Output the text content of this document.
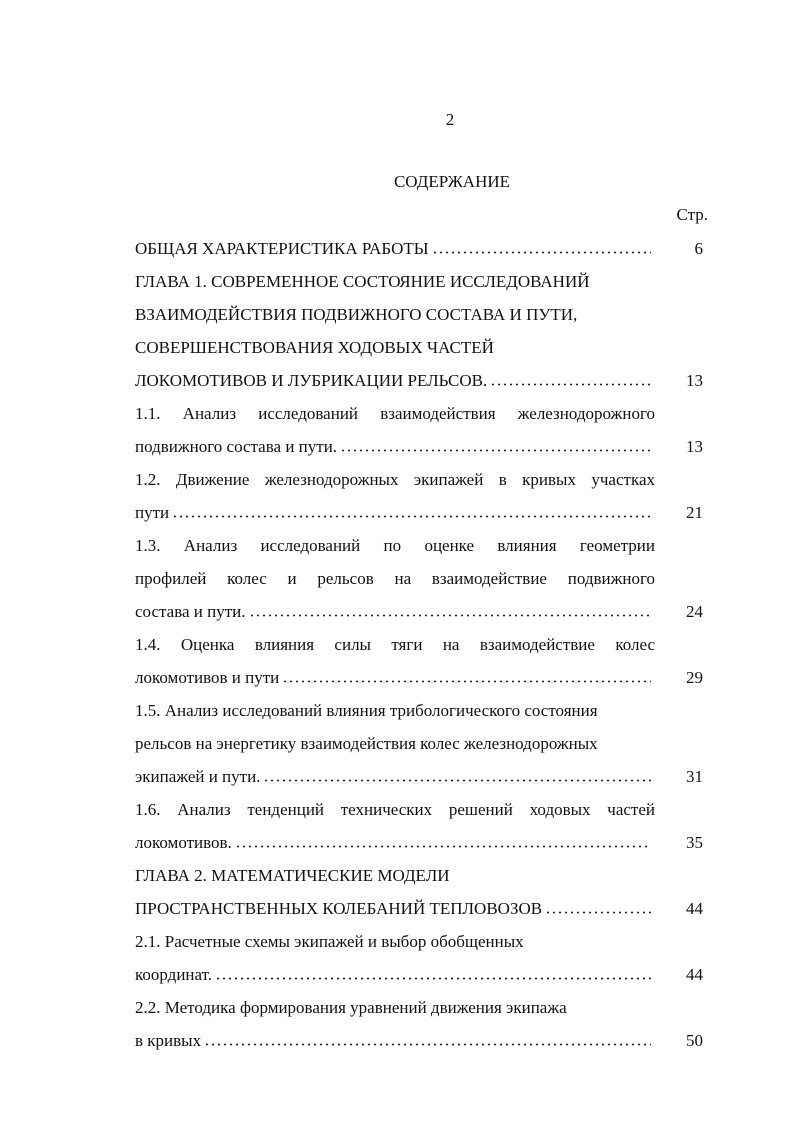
2
СОДЕРЖАНИЕ
Стр.
ОБЩАЯ ХАРАКТЕРИСТИКА РАБОТЫ	6
ГЛАВА 1. СОВРЕМЕННОЕ СОСТОЯНИЕ ИССЛЕДОВАНИЙ
ВЗАИМОДЕЙСТВИЯ ПОДВИЖНОГО СОСТАВА И ПУТИ,
СОВЕРШЕНСТВОВАНИЯ ХОДОВЫХ ЧАСТЕЙ
ЛОКОМОТИВОВ И ЛУБРИКАЦИИ РЕЛЬСОВ.	13
1.1. Анализ исследований взаимодействия железнодорожного
подвижного состава и пути.	13
1.2. Движение железнодорожных экипажей в кривых участках
пути	21
1.3. Анализ исследований по оценке влияния геометрии
профилей колес и рельсов на взаимодействие подвижного
состава и пути.	24
1.4. Оценка влияния силы тяги на взаимодействие колес
локомотивов и пути	29
1.5. Анализ исследований влияния трибологического состояния
рельсов на энергетику взаимодействия колес железнодорожных
экипажей и пути.	31
1.6. Анализ тенденций технических решений ходовых частей
локомотивов.	35
ГЛАВА 2. МАТЕМАТИЧЕСКИЕ МОДЕЛИ
ПРОСТРАНСТВЕННЫХ КОЛЕБАНИЙ ТЕПЛОВОЗОВ	44
2.1. Расчетные схемы экипажей и выбор обобщенных
координат.	44
2.2. Методика формирования уравнений движения экипажа
в кривых	50
